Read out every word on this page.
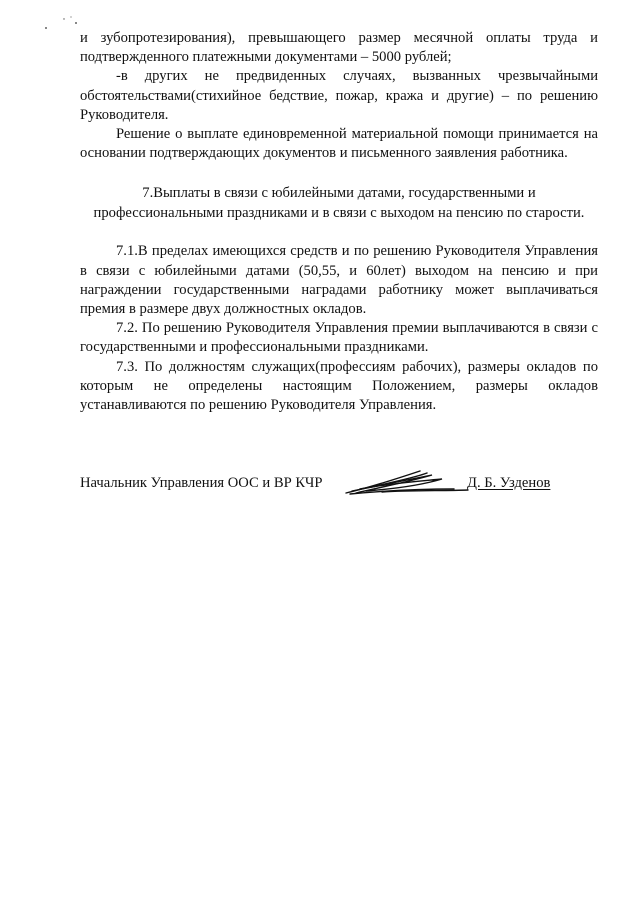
и зубопротезирования), превышающего размер месячной оплаты труда и подтвержденного платежными документами – 5000 рублей;

-в других не предвиденных случаях, вызванных чрезвычайными обстоятельствами(стихийное бедствие, пожар, кража и другие) – по решению Руководителя.

Решение о выплате единовременной материальной помощи принимается на основании подтверждающих документов и письменного заявления работника.

7.Выплаты в связи с юбилейными датами, государственными и
профессиональными праздниками и в связи с выходом на пенсию по старости.

7.1.В пределах имеющихся средств и по решению Руководителя Управления в связи с юбилейными датами (50,55, и 60лет) выходом на пенсию и при награждении государственными наградами работнику может выплачиваться премия в размере двух должностных окладов.

7.2. По решению Руководителя Управления премии выплачиваются в связи с государственными и профессиональными праздниками.

7.3. По должностям служащих(профессиям рабочих), размеры окладов по которым не определены настоящим Положением, размеры окладов устанавливаются по решению Руководителя Управления.

Начальник Управления ООС и ВР КЧР	Д. Б. Узденов
